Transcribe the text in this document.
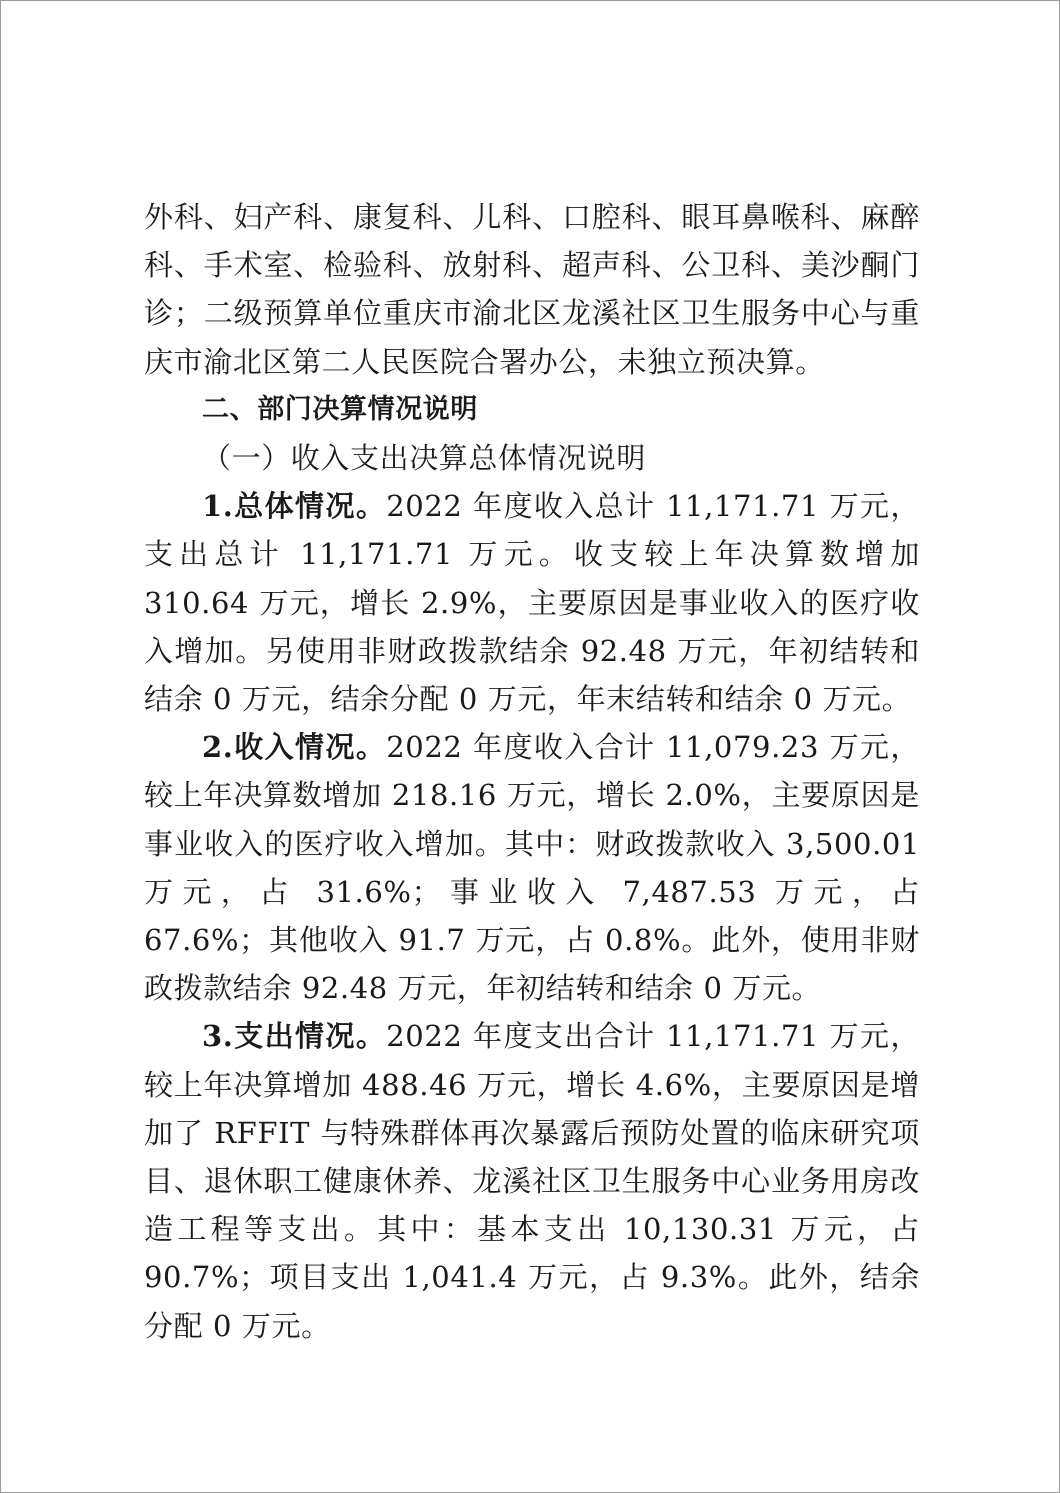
外科、妇产科、康复科、儿科、口腔科、眼耳鼻喉科、麻醉科、手术室、检验科、放射科、超声科、公卫科、美沙酮门诊；二级预算单位重庆市渝北区龙溪社区卫生服务中心与重庆市渝北区第二人民医院合署办公，未独立预决算。

二、部门决算情况说明

（一）收入支出决算总体情况说明

1.总体情况。2022 年度收入总计 11,171.71 万元，支出总计 11,171.71 万元。收支较上年决算数增加 310.64 万元，增长 2.9%，主要原因是事业收入的医疗收入增加。另使用非财政拨款结余 92.48 万元，年初结转和结余 0 万元，结余分配 0 万元，年末结转和结余 0 万元。

2.收入情况。2022 年度收入合计 11,079.23 万元，较上年决算数增加 218.16 万元，增长 2.0%，主要原因是事业收入的医疗收入增加。其中：财政拨款收入 3,500.01 万元，占 31.6%；事业收入 7,487.53 万元，占 67.6%；其他收入 91.7 万元，占 0.8%。此外，使用非财政拨款结余 92.48 万元，年初结转和结余 0 万元。

3.支出情况。2022 年度支出合计 11,171.71 万元，较上年决算增加 488.46 万元，增长 4.6%，主要原因是增加了 RFFIT 与特殊群体再次暴露后预防处置的临床研究项目、退休职工健康休养、龙溪社区卫生服务中心业务用房改造工程等支出。其中：基本支出 10,130.31 万元，占 90.7%；项目支出 1,041.4 万元，占 9.3%。此外，结余分配 0 万元。
